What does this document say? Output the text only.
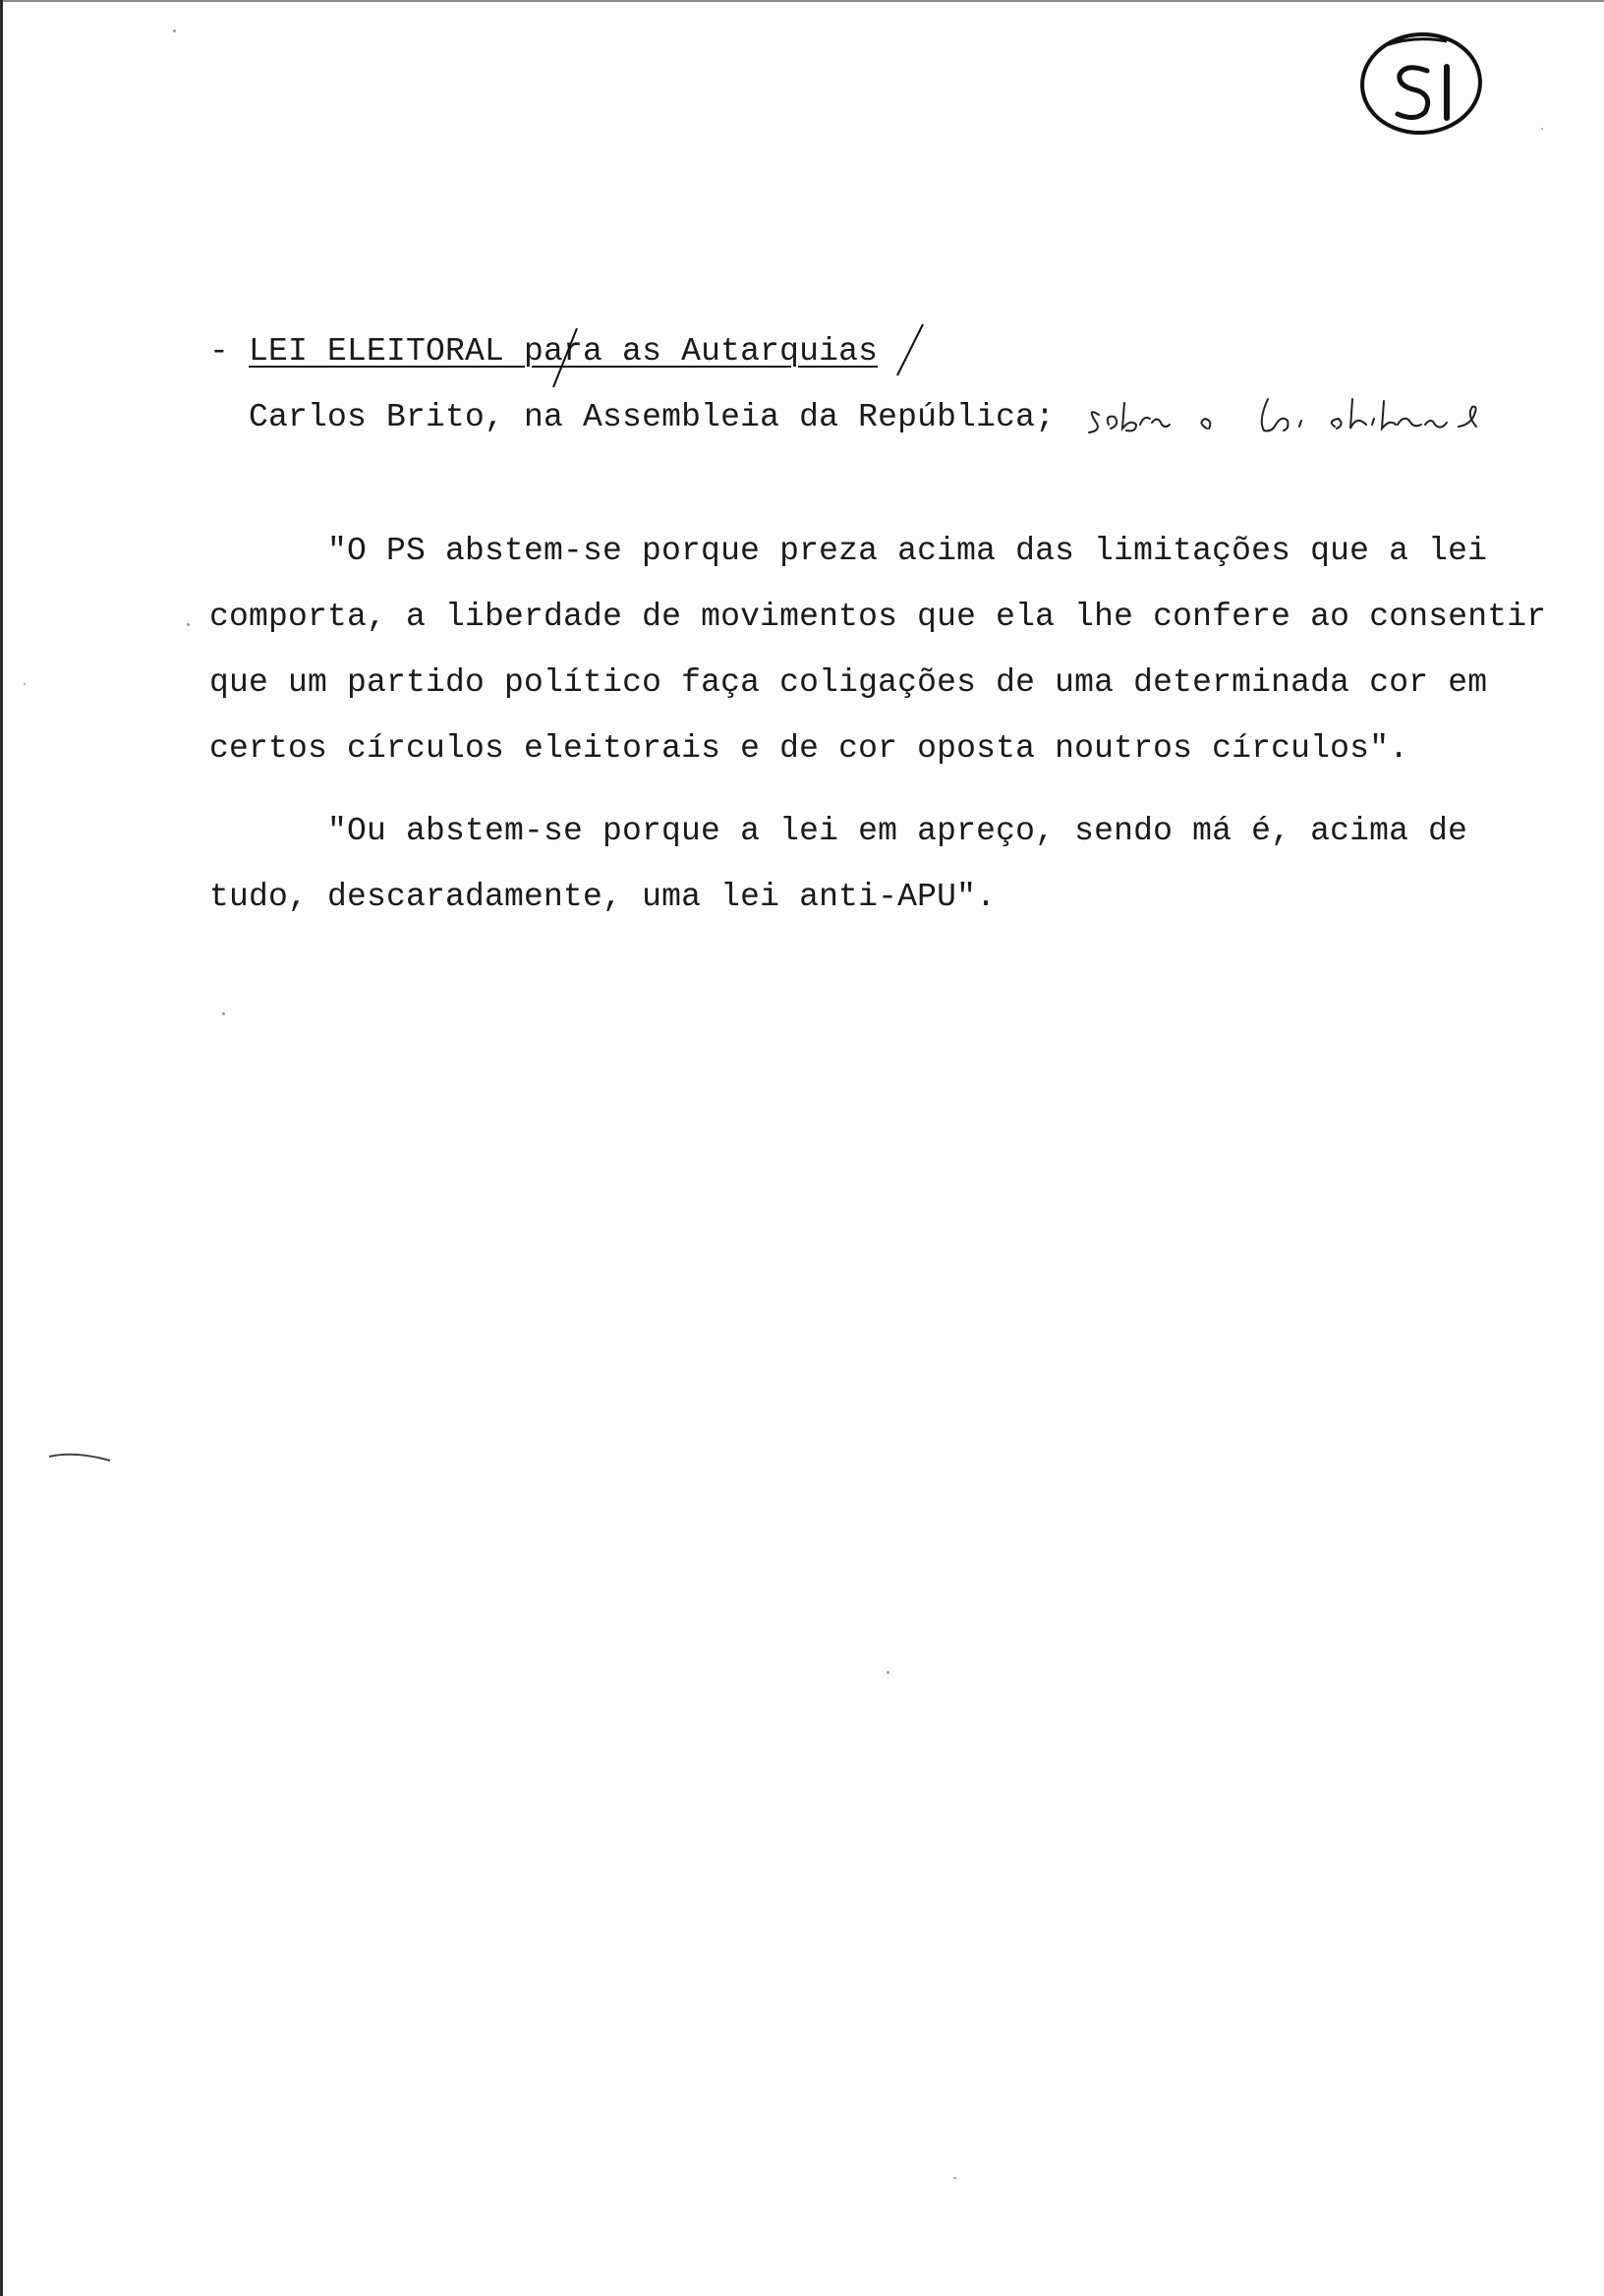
- LEI ELEITORAL para as Autarquias
Carlos Brito, na Assembleia da República;
"O PS abstem-se porque preza acima das limitações que a lei
comporta, a liberdade de movimentos que ela lhe confere ao consentir
que um partido político faça coligações de uma determinada cor em
certos círculos eleitorais e de cor oposta noutros círculos".
"Ou abstem-se porque a lei em apreço, sendo má é, acima de
tudo, descaradamente, uma lei anti-APU".
